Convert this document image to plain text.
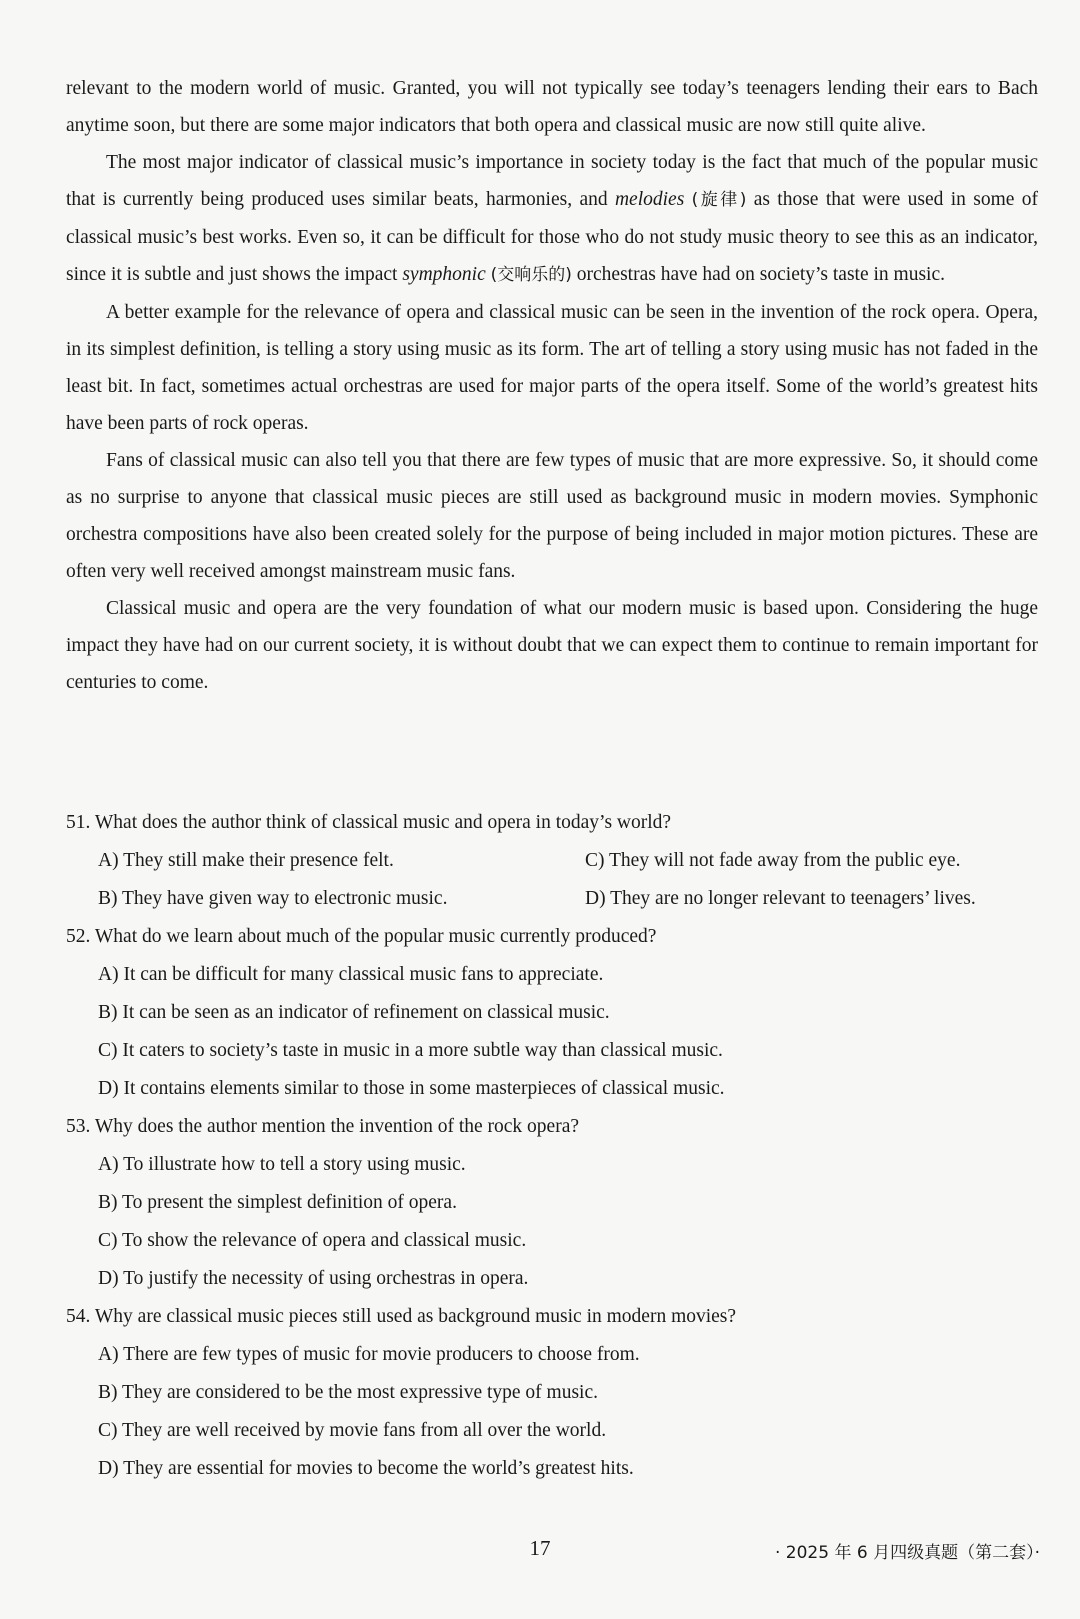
relevant to the modern world of music. Granted, you will not typically see today’s teenagers lending their ears to Bach anytime soon, but there are some major indicators that both opera and classical music are now still quite alive.

The most major indicator of classical music’s importance in society today is the fact that much of the popular music that is currently being produced uses similar beats, harmonies, and melodies (旋律) as those that were used in some of classical music’s best works. Even so, it can be difficult for those who do not study music theory to see this as an indicator, since it is subtle and just shows the impact symphonic (交响乐的) orchestras have had on society’s taste in music.

A better example for the relevance of opera and classical music can be seen in the invention of the rock opera. Opera, in its simplest definition, is telling a story using music as its form. The art of telling a story using music has not faded in the least bit. In fact, sometimes actual orchestras are used for major parts of the opera itself. Some of the world’s greatest hits have been parts of rock operas.

Fans of classical music can also tell you that there are few types of music that are more expressive. So, it should come as no surprise to anyone that classical music pieces are still used as background music in modern movies. Symphonic orchestra compositions have also been created solely for the purpose of being included in major motion pictures. These are often very well received amongst mainstream music fans.

Classical music and opera are the very foundation of what our modern music is based upon. Considering the huge impact they have had on our current society, it is without doubt that we can expect them to continue to remain important for centuries to come.

51. What does the author think of classical music and opera in today’s world?
A) They still make their presence felt.	C) They will not fade away from the public eye.
B) They have given way to electronic music.	D) They are no longer relevant to teenagers’ lives.
52. What do we learn about much of the popular music currently produced?
A) It can be difficult for many classical music fans to appreciate.
B) It can be seen as an indicator of refinement on classical music.
C) It caters to society’s taste in music in a more subtle way than classical music.
D) It contains elements similar to those in some masterpieces of classical music.
53. Why does the author mention the invention of the rock opera?
A) To illustrate how to tell a story using music.
B) To present the simplest definition of opera.
C) To show the relevance of opera and classical music.
D) To justify the necessity of using orchestras in opera.
54. Why are classical music pieces still used as background music in modern movies?
A) There are few types of music for movie producers to choose from.
B) They are considered to be the most expressive type of music.
C) They are well received by movie fans from all over the world.
D) They are essential for movies to become the world’s greatest hits.
17	· 2025 年 6 月四级真题（第二套）·
